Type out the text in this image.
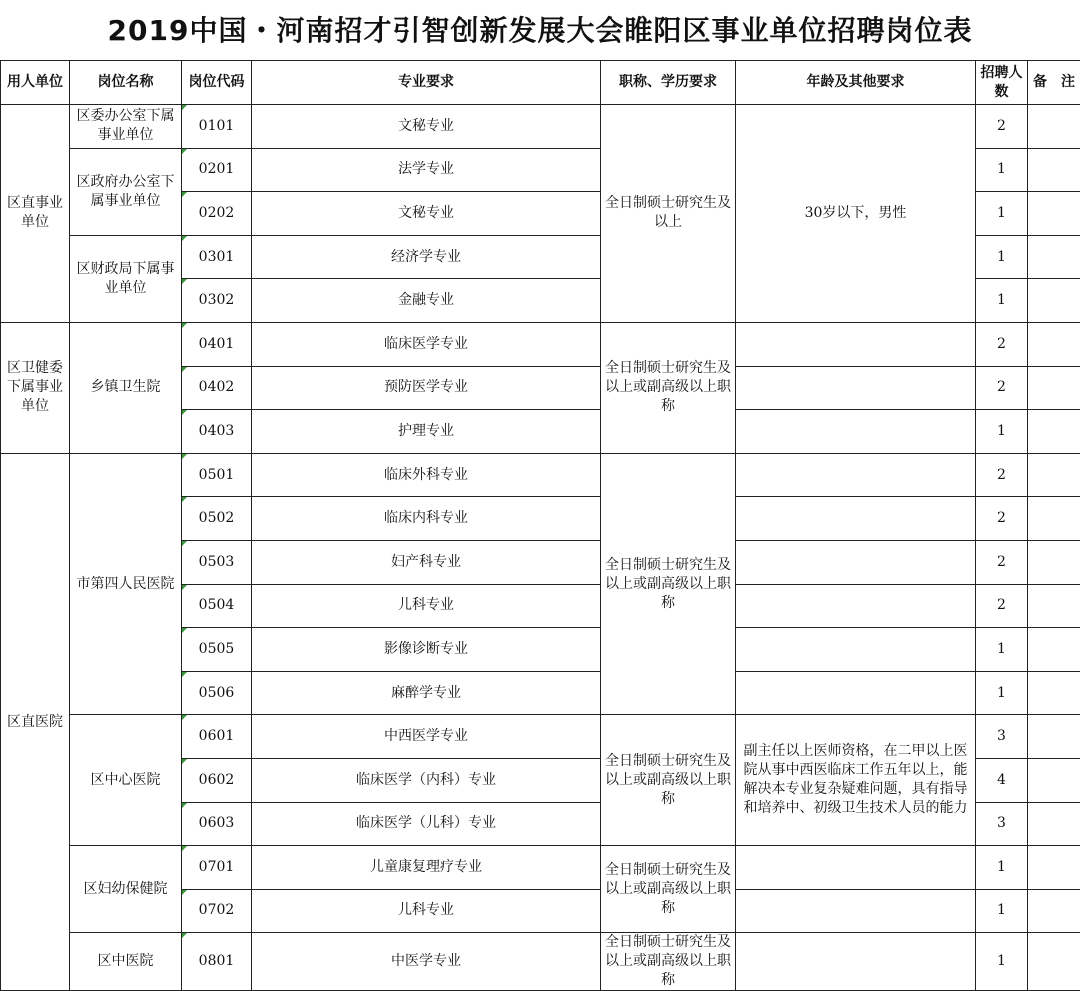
2019中国・河南招才引智创新发展大会睢阳区事业单位招聘岗位表
用人单位	岗位名称	岗位代码	专业要求	职称、学历要求	年龄及其他要求	招聘人数	备　注
区直事业单位	区委办公室下属事业单位	0101	文秘专业	全日制硕士研究生及以上	30岁以下，男性	2	
	区政府办公室下属事业单位	0201	法学专业			1	
		0202	文秘专业			1	
	区财政局下属事业单位	0301	经济学专业			1	
		0302	金融专业			1	
区卫健委下属事业单位	乡镇卫生院	0401	临床医学专业	全日制硕士研究生及以上或副高级以上职称		2	
		0402	预防医学专业			2	
		0403	护理专业			1	
区直医院	市第四人民医院	0501	临床外科专业	全日制硕士研究生及以上或副高级以上职称		2	
		0502	临床内科专业			2	
		0503	妇产科专业			2	
		0504	儿科专业			2	
		0505	影像诊断专业			1	
		0506	麻醉学专业			1	
	区中心医院	0601	中西医学专业	全日制硕士研究生及以上或副高级以上职称	副主任以上医师资格，在二甲以上医院从事中西医临床工作五年以上，能解决本专业复杂疑难问题，具有指导和培养中、初级卫生技术人员的能力	3	
		0602	临床医学（内科）专业			4	
		0603	临床医学（儿科）专业			3	
	区妇幼保健院	0701	儿童康复理疗专业	全日制硕士研究生及以上或副高级以上职称		1	
		0702	儿科专业			1	
	区中医院	0801	中医学专业	全日制硕士研究生及以上或副高级以上职称		1	
